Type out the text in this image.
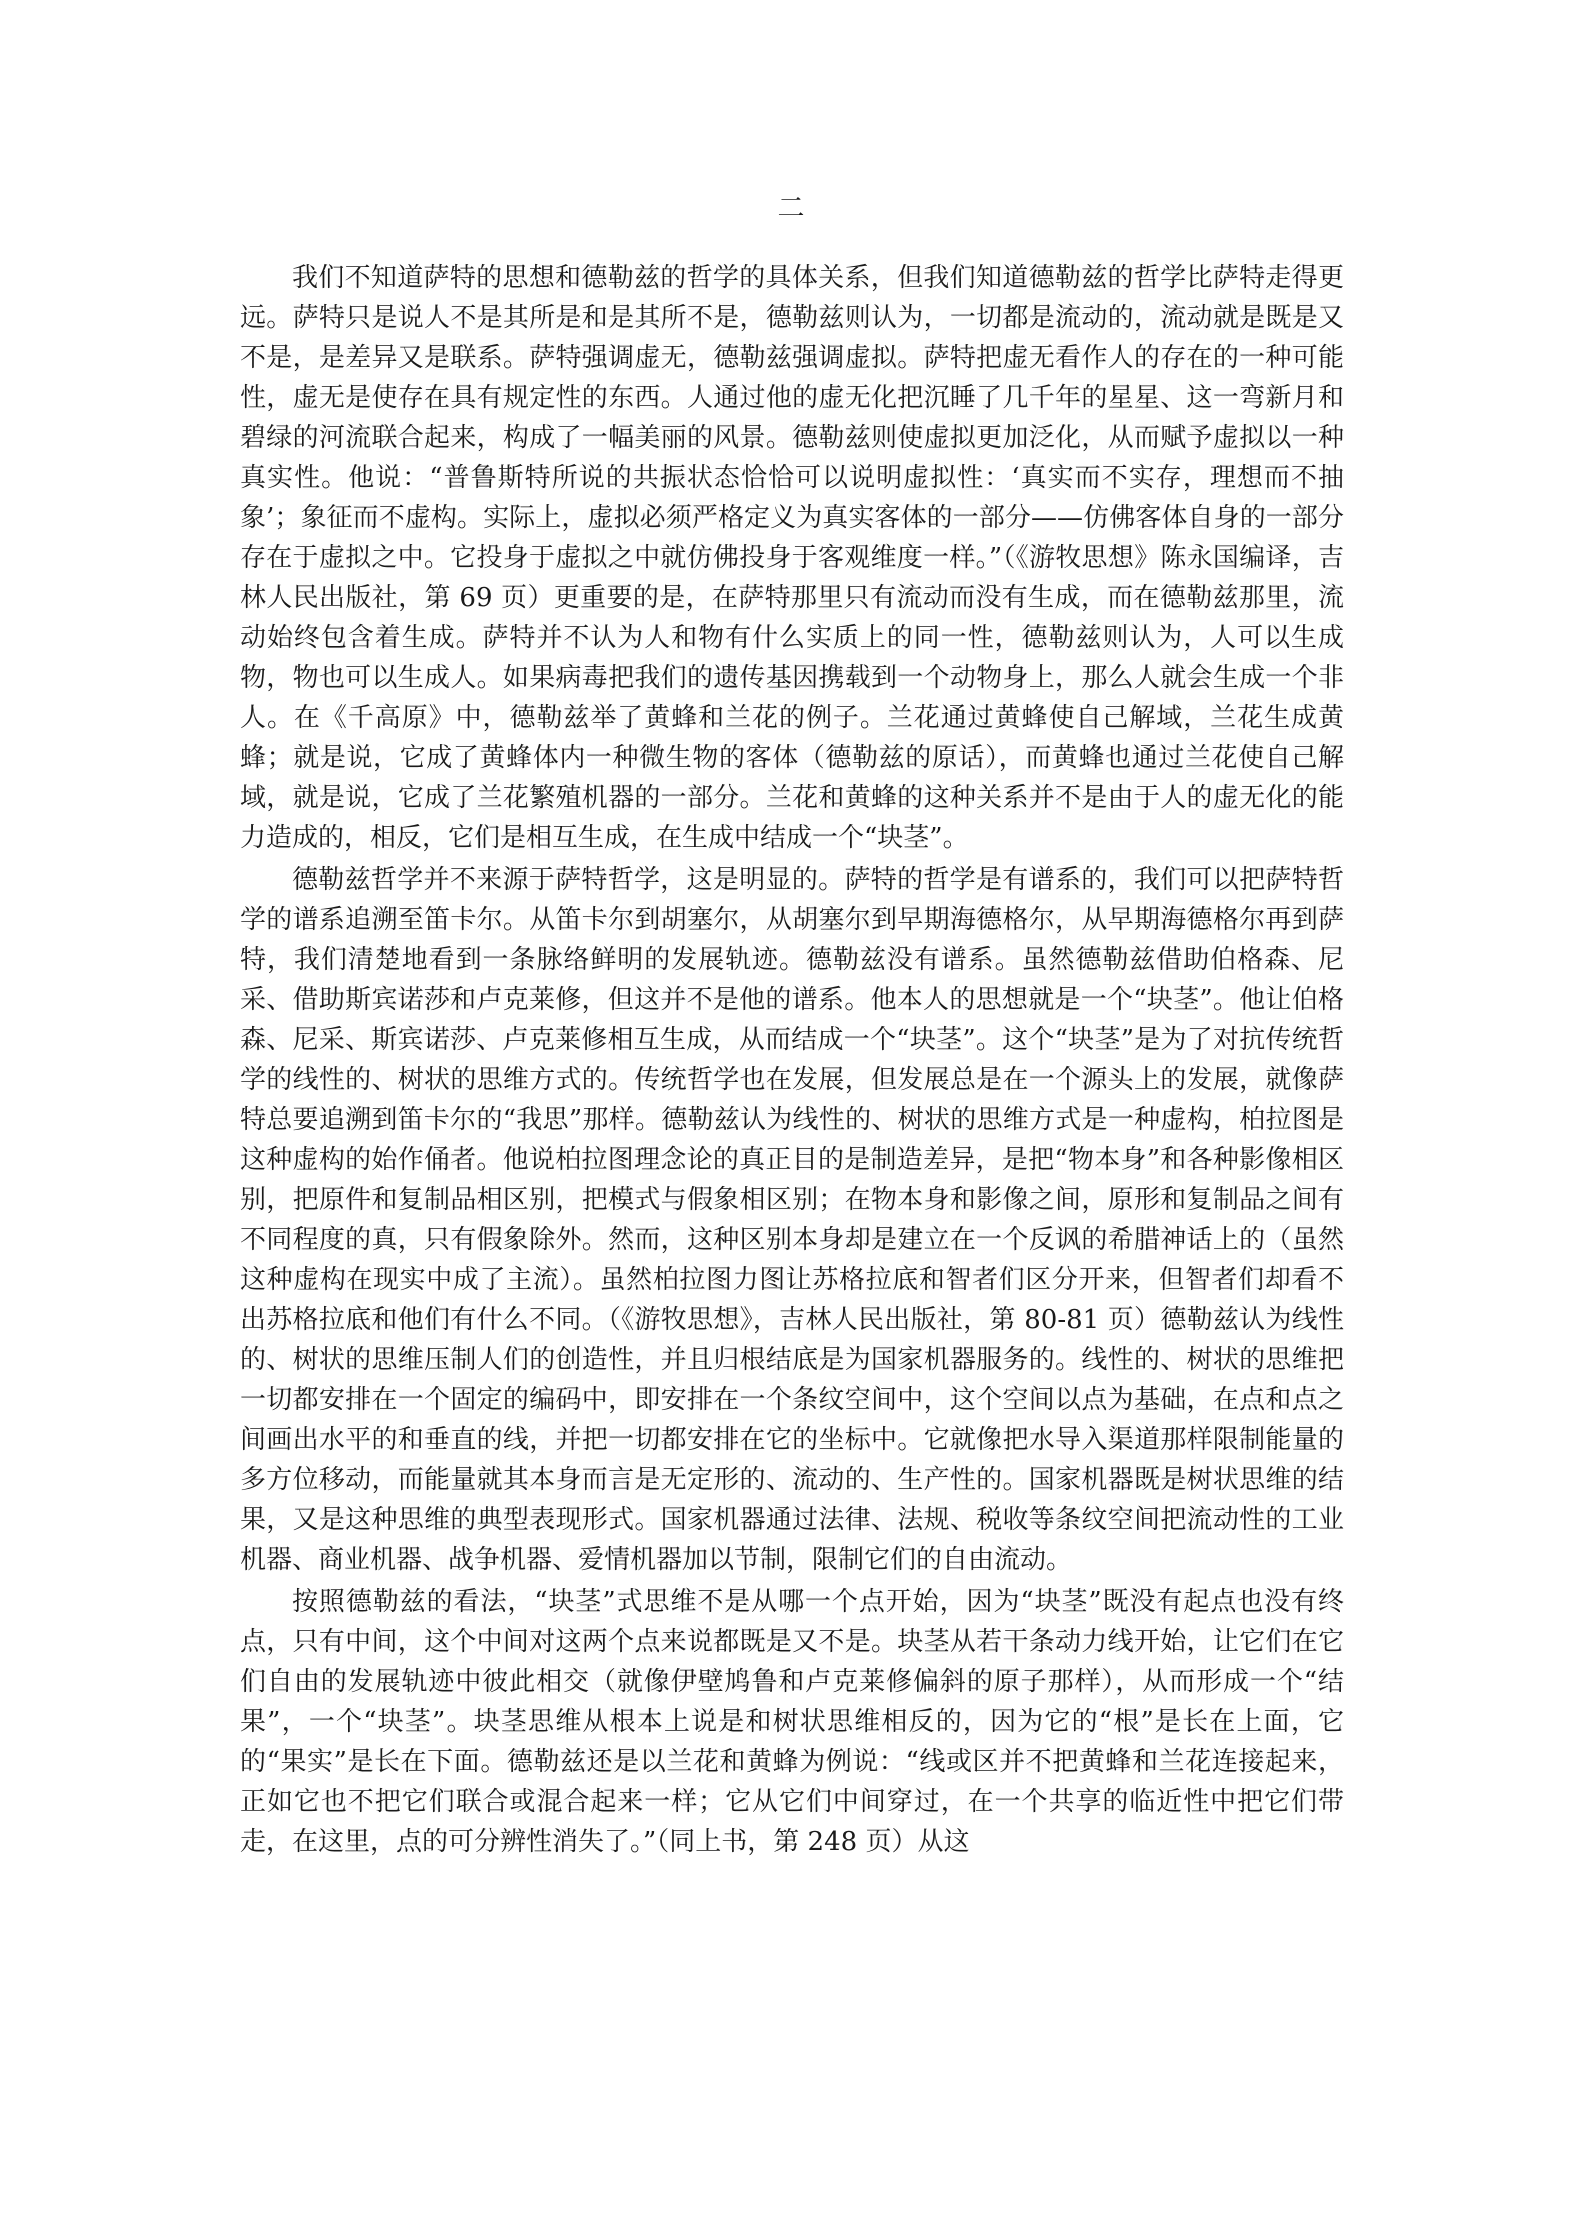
二

我们不知道萨特的思想和德勒兹的哲学的具体关系，但我们知道德勒兹的哲学比萨特走得更远。萨特只是说人不是其所是和是其所不是，德勒兹则认为，一切都是流动的，流动就是既是又不是，是差异又是联系。萨特强调虚无，德勒兹强调虚拟。萨特把虚无看作人的存在的一种可能性，虚无是使存在具有规定性的东西。人通过他的虚无化把沉睡了几千年的星星、这一弯新月和碧绿的河流联合起来，构成了一幅美丽的风景。德勒兹则使虚拟更加泛化，从而赋予虚拟以一种真实性。他说：“普鲁斯特所说的共振状态恰恰可以说明虚拟性：‘真实而不实存，理想而不抽象’；象征而不虚构。实际上，虚拟必须严格定义为真实客体的一部分——仿佛客体自身的一部分存在于虚拟之中。它投身于虚拟之中就仿佛投身于客观维度一样。”（《游牧思想》陈永国编译，吉林人民出版社，第 69 页）更重要的是，在萨特那里只有流动而没有生成，而在德勒兹那里，流动始终包含着生成。萨特并不认为人和物有什么实质上的同一性，德勒兹则认为，人可以生成物，物也可以生成人。如果病毒把我们的遗传基因携载到一个动物身上，那么人就会生成一个非人。在《千高原》中，德勒兹举了黄蜂和兰花的例子。兰花通过黄蜂使自己解域，兰花生成黄蜂；就是说，它成了黄蜂体内一种微生物的客体（德勒兹的原话），而黄蜂也通过兰花使自己解域，就是说，它成了兰花繁殖机器的一部分。兰花和黄蜂的这种关系并不是由于人的虚无化的能力造成的，相反，它们是相互生成，在生成中结成一个“块茎”。

德勒兹哲学并不来源于萨特哲学，这是明显的。萨特的哲学是有谱系的，我们可以把萨特哲学的谱系追溯至笛卡尔。从笛卡尔到胡塞尔，从胡塞尔到早期海德格尔，从早期海德格尔再到萨特，我们清楚地看到一条脉络鲜明的发展轨迹。德勒兹没有谱系。虽然德勒兹借助伯格森、尼采、借助斯宾诺莎和卢克莱修，但这并不是他的谱系。他本人的思想就是一个“块茎”。他让伯格森、尼采、斯宾诺莎、卢克莱修相互生成，从而结成一个“块茎”。这个“块茎”是为了对抗传统哲学的线性的、树状的思维方式的。传统哲学也在发展，但发展总是在一个源头上的发展，就像萨特总要追溯到笛卡尔的“我思”那样。德勒兹认为线性的、树状的思维方式是一种虚构，柏拉图是这种虚构的始作俑者。他说柏拉图理念论的真正目的是制造差异，是把“物本身”和各种影像相区别，把原件和复制品相区别，把模式与假象相区别；在物本身和影像之间，原形和复制品之间有不同程度的真，只有假象除外。然而，这种区别本身却是建立在一个反讽的希腊神话上的（虽然这种虚构在现实中成了主流）。虽然柏拉图力图让苏格拉底和智者们区分开来，但智者们却看不出苏格拉底和他们有什么不同。（《游牧思想》，吉林人民出版社，第 80-81 页）德勒兹认为线性的、树状的思维压制人们的创造性，并且归根结底是为国家机器服务的。线性的、树状的思维把一切都安排在一个固定的编码中，即安排在一个条纹空间中，这个空间以点为基础，在点和点之间画出水平的和垂直的线，并把一切都安排在它的坐标中。它就像把水导入渠道那样限制能量的多方位移动，而能量就其本身而言是无定形的、流动的、生产性的。国家机器既是树状思维的结果，又是这种思维的典型表现形式。国家机器通过法律、法规、税收等条纹空间把流动性的工业机器、商业机器、战争机器、爱情机器加以节制，限制它们的自由流动。

按照德勒兹的看法，“块茎”式思维不是从哪一个点开始，因为“块茎”既没有起点也没有终点，只有中间，这个中间对这两个点来说都既是又不是。块茎从若干条动力线开始，让它们在它们自由的发展轨迹中彼此相交（就像伊壁鸠鲁和卢克莱修偏斜的原子那样），从而形成一个“结果”，一个“块茎”。块茎思维从根本上说是和树状思维相反的，因为它的“根”是长在上面，它的“果实”是长在下面。德勒兹还是以兰花和黄蜂为例说：“线或区并不把黄蜂和兰花连接起来，正如它也不把它们联合或混合起来一样；它从它们中间穿过，在一个共享的临近性中把它们带走，在这里，点的可分辨性消失了。”（同上书，第 248 页）从这
